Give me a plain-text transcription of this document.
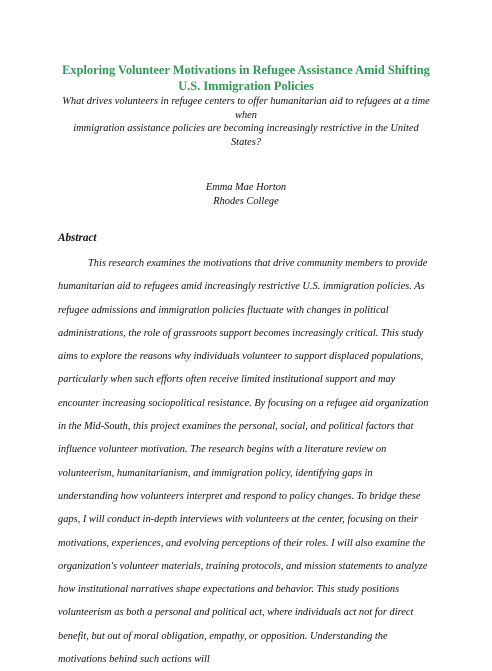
Exploring Volunteer Motivations in Refugee Assistance Amid Shifting
U.S. Immigration Policies
What drives volunteers in refugee centers to offer humanitarian aid to refugees at a time when
immigration assistance policies are becoming increasingly restrictive in the United States?
Emma Mae Horton
Rhodes College
Abstract

This research examines the motivations that drive community members to provide humanitarian aid to refugees amid increasingly restrictive U.S. immigration policies. As refugee admissions and immigration policies fluctuate with changes in political administrations, the role of grassroots support becomes increasingly critical. This study aims to explore the reasons why individuals volunteer to support displaced populations, particularly when such efforts often receive limited institutional support and may encounter increasing sociopolitical resistance. By focusing on a refugee aid organization in the Mid-South, this project examines the personal, social, and political factors that influence volunteer motivation. The research begins with a literature review on volunteerism, humanitarianism, and immigration policy, identifying gaps in understanding how volunteers interpret and respond to policy changes. To bridge these gaps, I will conduct in-depth interviews with volunteers at the center, focusing on their motivations, experiences, and evolving perceptions of their roles. I will also examine the organization's volunteer materials, training protocols, and mission statements to analyze how institutional narratives shape expectations and behavior. This study positions volunteerism as both a personal and political act, where individuals act not for direct benefit, but out of moral obligation, empathy, or opposition. Understanding the motivations behind such actions will
